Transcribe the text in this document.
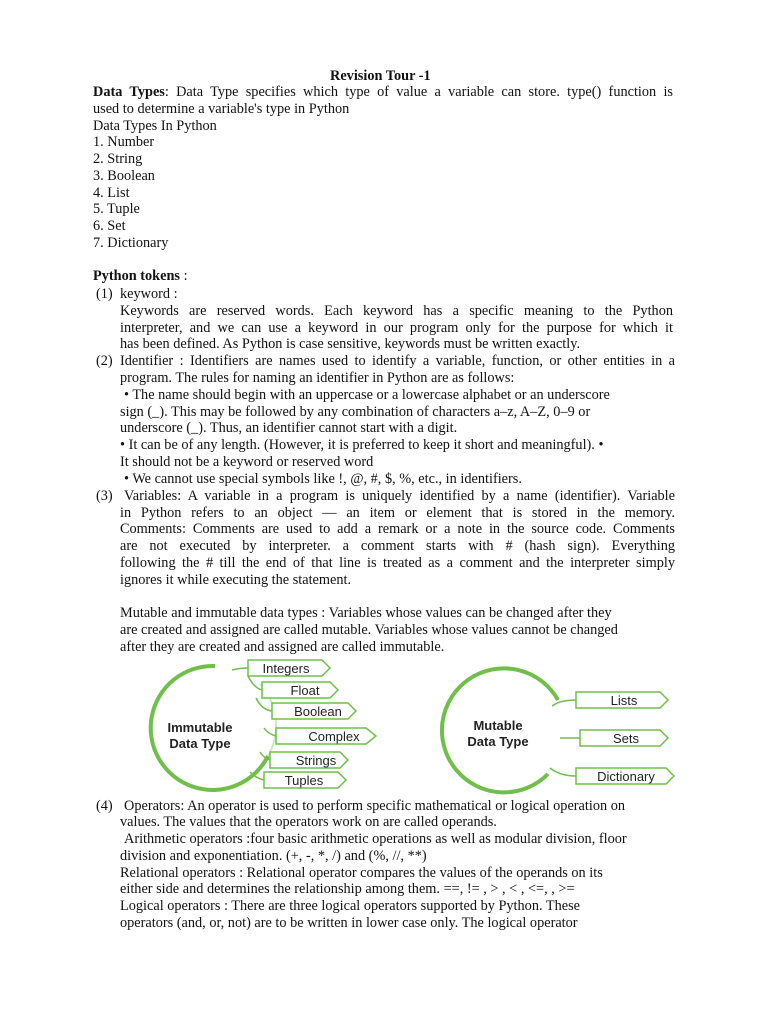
Revision Tour -1
Data Types: Data Type specifies which type of value a variable can store. type() function is
used to determine a variable's type in Python
Data Types In Python
1. Number
2. String
3. Boolean
4. List
5. Tuple
6. Set
7. Dictionary
Python tokens :
(1) keyword :
Keywords are reserved words. Each keyword has a specific meaning to the Python
interpreter, and we can use a keyword in our program only for the purpose for which it
has been defined. As Python is case sensitive, keywords must be written exactly.
(2) Identifier : Identifiers are names used to identify a variable, function, or other entities in a
program. The rules for naming an identifier in Python are as follows:
• The name should begin with an uppercase or a lowercase alphabet or an underscore
sign (_). This may be followed by any combination of characters a–z, A–Z, 0–9 or
underscore (_). Thus, an identifier cannot start with a digit.
• It can be of any length. (However, it is preferred to keep it short and meaningful). •
It should not be a keyword or reserved word
• We cannot use special symbols like !, @, #, $, %, etc., in identifiers.
(3) Variables: A variable in a program is uniquely identified by a name (identifier). Variable
in Python refers to an object — an item or element that is stored in the memory.
Comments: Comments are used to add a remark or a note in the source code. Comments
are not executed by interpreter. a comment starts with # (hash sign). Everything
following the # till the end of that line is treated as a comment and the interpreter simply
ignores it while executing the statement.
Mutable and immutable data types : Variables whose values can be changed after they
are created and assigned are called mutable. Variables whose values cannot be changed
after they are created and assigned are called immutable.
Immutable
Data Type
Integers
Float
Boolean
Complex
Strings
Tuples
Mutable
Data Type
Lists
Sets
Dictionary
(4) Operators: An operator is used to perform specific mathematical or logical operation on
values. The values that the operators work on are called operands.
Arithmetic operators :four basic arithmetic operations as well as modular division, floor
division and exponentiation. (+, -, *, /) and (%, //, **)
Relational operators : Relational operator compares the values of the operands on its
either side and determines the relationship among them. ==, != , > , < , <=, , >=
Logical operators : There are three logical operators supported by Python. These
operators (and, or, not) are to be written in lower case only. The logical operator
